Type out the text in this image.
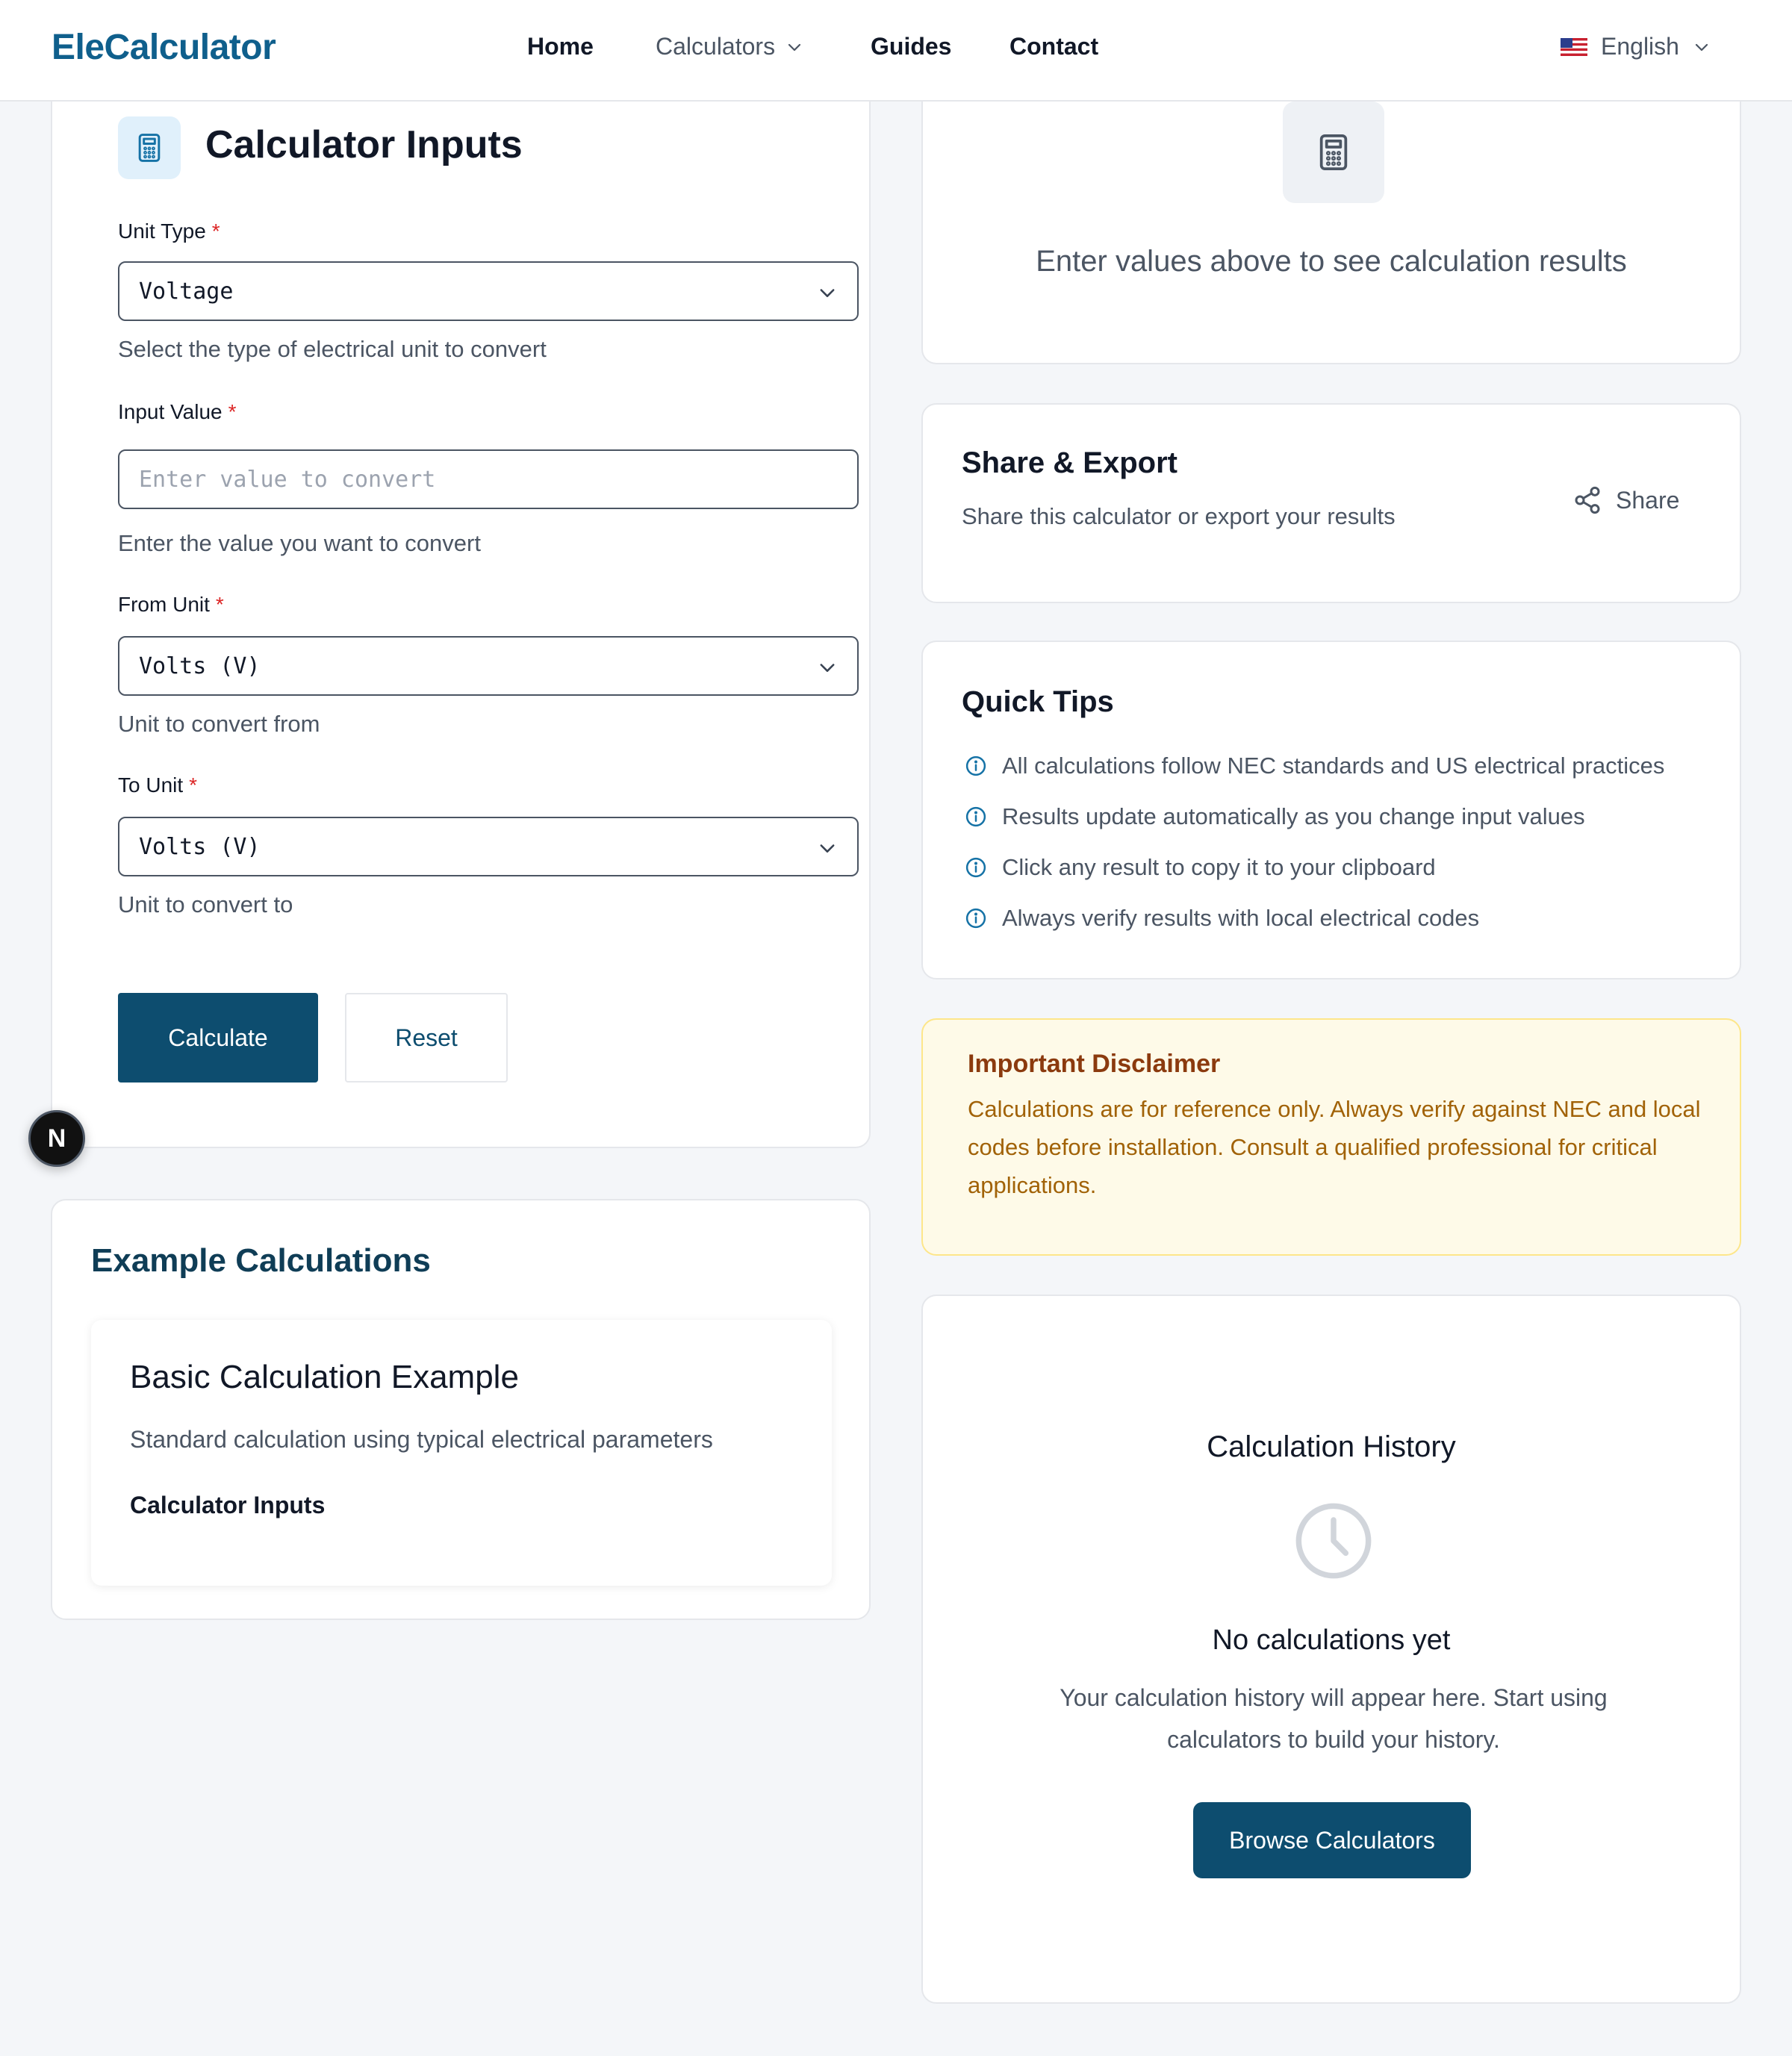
EleCalculator	Home	Calculators	Guides Contact	English
Calculator Inputs
Unit Type *
Voltage

Select the type of electrical unit to convert

Input Value *
Enter value to convert

Enter the value you want to convert

From Unit *
Volts (V)

Unit to convert from

To Unit *
Volts (V)

Unit to convert to

Calculate	Reset
N
Example Calculations
Basic Calculation Example

Standard calculation using typical electrical parameters

Calculator Inputs

Enter values above to see calculation results

Share & Export

Share this calculator or export your results

Share
Quick Tips
All calculations follow NEC standards and US electrical practices
Results update automatically as you change input values
Click any result to copy it to your clipboard
Always verify results with local electrical codes
Important Disclaimer

Calculations are for reference only. Always verify against NEC and local codes before installation. Consult a qualified professional for critical applications.

Calculation History

No calculations yet

Your calculation history will appear here. Start using calculators to build your history.

Browse Calculators
